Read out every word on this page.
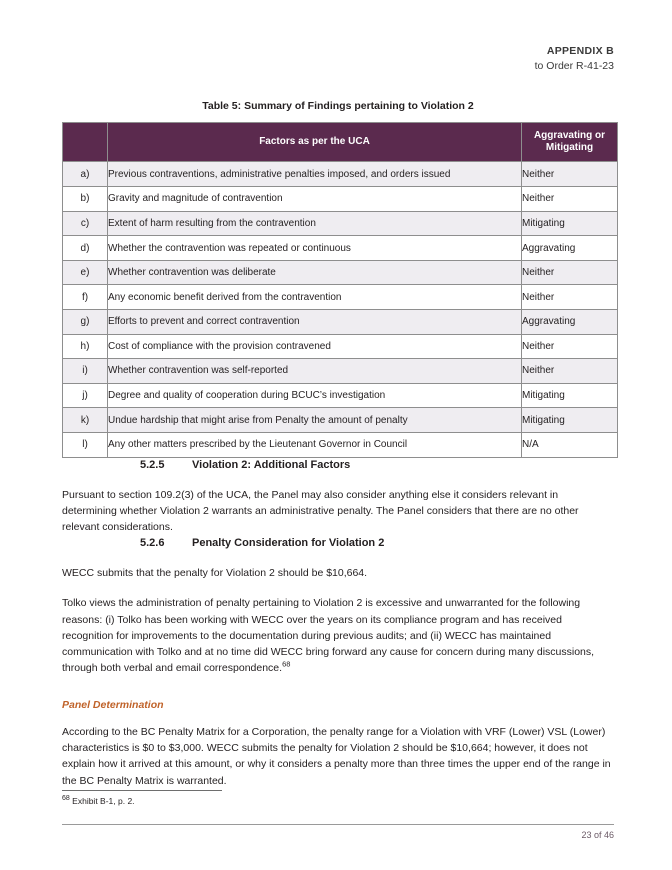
APPENDIX B
to Order R-41-23
Table 5: Summary of Findings pertaining to Violation 2
	Factors as per the UCA	Aggravating or Mitigating
a)	Previous contraventions, administrative penalties imposed, and orders issued	Neither
b)	Gravity and magnitude of contravention	Neither
c)	Extent of harm resulting from the contravention	Mitigating
d)	Whether the contravention was repeated or continuous	Aggravating
e)	Whether contravention was deliberate	Neither
f)	Any economic benefit derived from the contravention	Neither
g)	Efforts to prevent and correct contravention	Aggravating
h)	Cost of compliance with the provision contravened	Neither
i)	Whether contravention was self-reported	Neither
j)	Degree and quality of cooperation during BCUC’s investigation	Mitigating
k)	Undue hardship that might arise from Penalty the amount of penalty	Mitigating
l)	Any other matters prescribed by the Lieutenant Governor in Council	N/A
5.2.5	Violation 2: Additional Factors

Pursuant to section 109.2(3) of the UCA, the Panel may also consider anything else it considers relevant in determining whether Violation 2 warrants an administrative penalty. The Panel considers that there are no other relevant considerations.

5.2.6	Penalty Consideration for Violation 2

WECC submits that the penalty for Violation 2 should be $10,664.

Tolko views the administration of penalty pertaining to Violation 2 is excessive and unwarranted for the following reasons: (i) Tolko has been working with WECC over the years on its compliance program and has received recognition for improvements to the documentation during previous audits; and (ii) WECC has maintained communication with Tolko and at no time did WECC bring forward any cause for concern during many discussions, through both verbal and email correspondence.$^{68}$

Panel Determination

According to the BC Penalty Matrix for a Corporation, the penalty range for a Violation with VRF (Lower) VSL (Lower) characteristics is $0 to $3,000. WECC submits the penalty for Violation 2 should be $10,664; however, it does not explain how it arrived at this amount, or why it considers a penalty more than three times the upper end of the range in the BC Penalty Matrix is warranted.

$^{68}$ Exhibit B-1, p. 2.
23 of 46
